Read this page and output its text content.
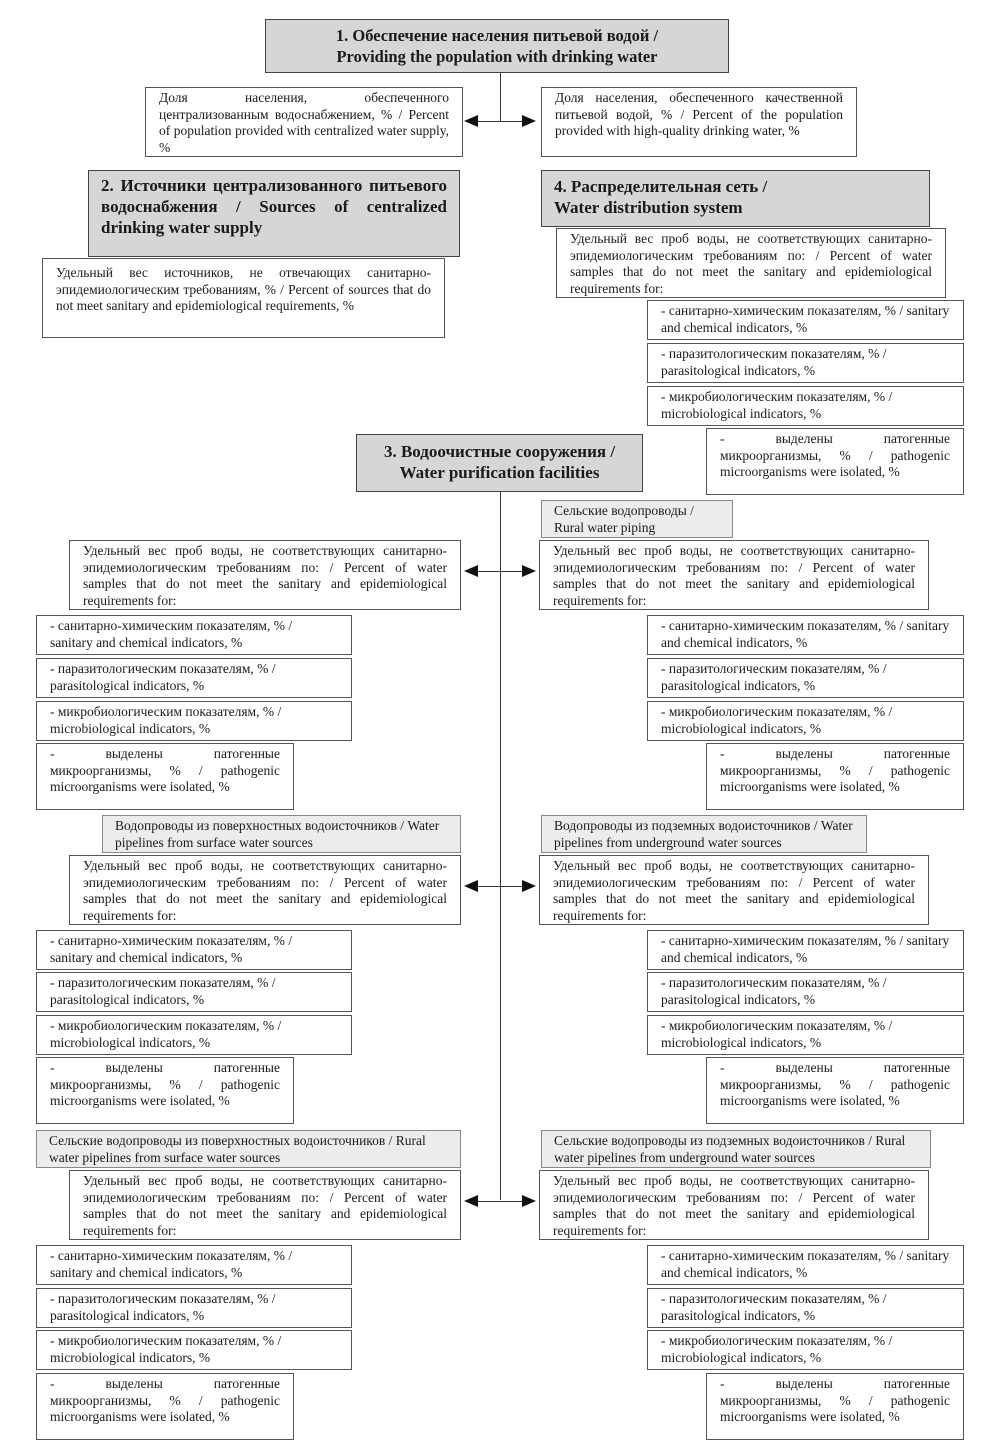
1. Обеспечение населения питьевой водой /
Providing the population with drinking water
Доля населения, обеспеченного централизованным водоснабжением, % / Percent of population provided with centralized water supply, %
Доля населения, обеспеченного качественной питьевой водой, % / Percent of the population provided with high-quality drinking water, %
2. Источники централизованного питьевого водоснабжения / Sources of centralized drinking water supply
Удельный вес источников, не отвечающих санитарно-эпидемиологическим требованиям, % / Percent of sources that do not meet sanitary and epidemiological requirements, %
4. Распределительная сеть /
Water distribution system
Удельный вес проб воды, не соответствующих санитарно-эпидемиологическим требованиям по: / Percent of water samples that do not meet the sanitary and epidemiological requirements for:
- санитарно-химическим показателям, % / sanitary and chemical indicators, %
- паразитологическим показателям, % / parasitological indicators, %
- микробиологическим показателям, % / microbiological indicators, %
- выделены патогенные микроорганизмы, % / pathogenic microorganisms were isolated, %
3. Водоочистные сооружения /
Water purification facilities
Удельный вес проб воды, не соответствующих санитарно-эпидемиологическим требованиям по: / Percent of water samples that do not meet the sanitary and epidemiological requirements for:
- санитарно-химическим показателям, % / sanitary and chemical indicators, %
- паразитологическим показателям, % / parasitological indicators, %
- микробиологическим показателям, % / microbiological indicators, %
- выделены патогенные микроорганизмы, % / pathogenic microorganisms were isolated, %
Сельские водопроводы / Rural water piping
Удельный вес проб воды, не соответствующих санитарно-эпидемиологическим требованиям по: / Percent of water samples that do not meet the sanitary and epidemiological requirements for:
- санитарно-химическим показателям, % / sanitary and chemical indicators, %
- паразитологическим показателям, % / parasitological indicators, %
- микробиологическим показателям, % / microbiological indicators, %
- выделены патогенные микроорганизмы, % / pathogenic microorganisms were isolated, %
Водопроводы из поверхностных водоисточников / Water pipelines from surface water sources
Удельный вес проб воды, не соответствующих санитарно-эпидемиологическим требованиям по: / Percent of water samples that do not meet the sanitary and epidemiological requirements for:
- санитарно-химическим показателям, % / sanitary and chemical indicators, %
- паразитологическим показателям, % / parasitological indicators, %
- микробиологическим показателям, % / microbiological indicators, %
- выделены патогенные микроорганизмы, % / pathogenic microorganisms were isolated, %
Водопроводы из подземных водоисточников / Water pipelines from underground water sources
Удельный вес проб воды, не соответствующих санитарно-эпидемиологическим требованиям по: / Percent of water samples that do not meet the sanitary and epidemiological requirements for:
- санитарно-химическим показателям, % / sanitary and chemical indicators, %
- паразитологическим показателям, % / parasitological indicators, %
- микробиологическим показателям, % / microbiological indicators, %
- выделены патогенные микроорганизмы, % / pathogenic microorganisms were isolated, %
Сельские водопроводы из поверхностных водоисточников / Rural water pipelines from surface water sources
Удельный вес проб воды, не соответствующих санитарно-эпидемиологическим требованиям по: / Percent of water samples that do not meet the sanitary and epidemiological requirements for:
- санитарно-химическим показателям, % / sanitary and chemical indicators, %
- паразитологическим показателям, % / parasitological indicators, %
- микробиологическим показателям, % / microbiological indicators, %
- выделены патогенные микроорганизмы, % / pathogenic microorganisms were isolated, %
Сельские водопроводы из подземных водоисточников / Rural water pipelines from underground water sources
Удельный вес проб воды, не соответствующих санитарно-эпидемиологическим требованиям по: / Percent of water samples that do not meet the sanitary and epidemiological requirements for:
- санитарно-химическим показателям, % / sanitary and chemical indicators, %
- паразитологическим показателям, % / parasitological indicators, %
- микробиологическим показателям, % / microbiological indicators, %
- выделены патогенные микроорганизмы, % / pathogenic microorganisms were isolated, %
